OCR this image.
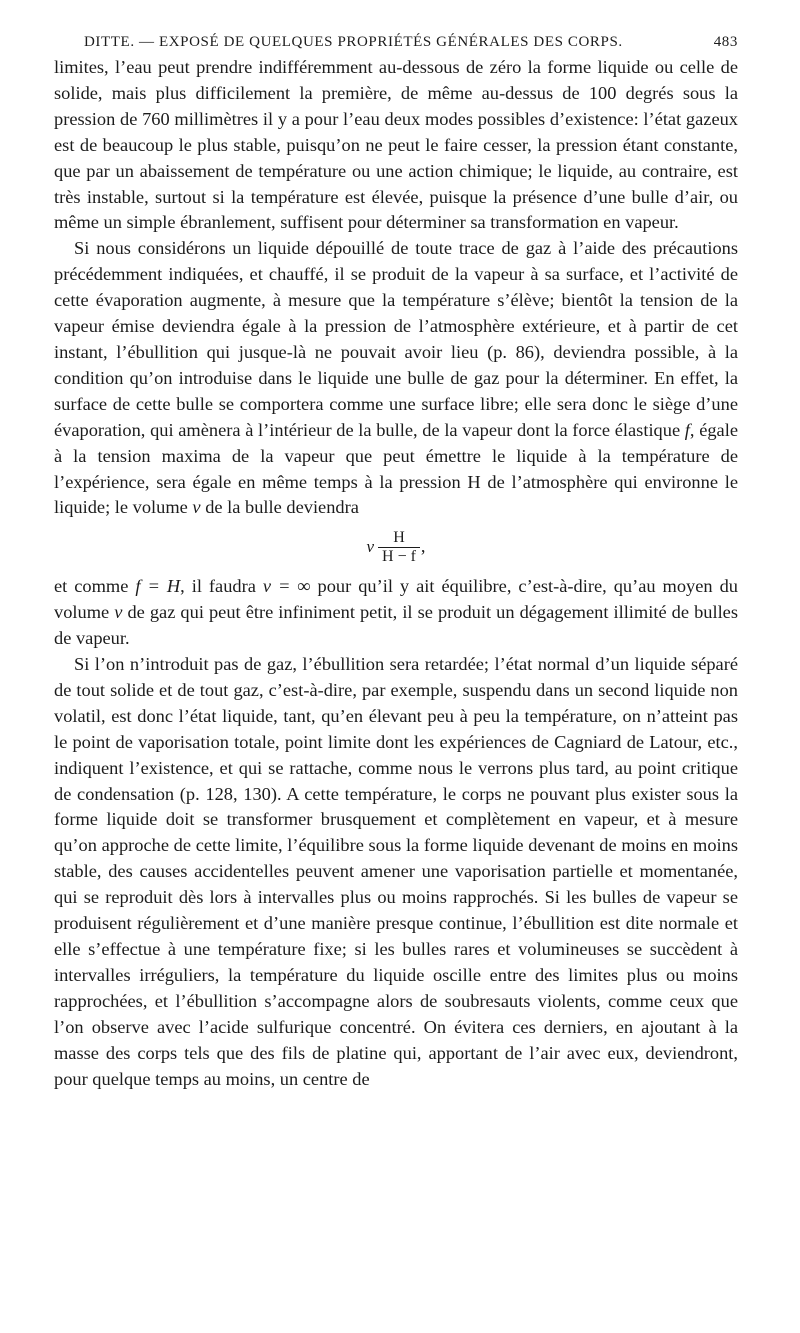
DITTE. — EXPOSÉ DE QUELQUES PROPRIÉTÉS GÉNÉRALES DES CORPS.	483

limites, l’eau peut prendre indifféremment au-dessous de zéro la forme liquide ou celle de solide, mais plus difficilement la première, de même au-dessus de 100 degrés sous la pression de 760 millimètres il y a pour l’eau deux modes possibles d’existence: l’état gazeux est de beaucoup le plus stable, puisqu’on ne peut le faire cesser, la pression étant constante, que par un abaissement de température ou une action chimique; le liquide, au contraire, est très instable, surtout si la température est élevée, puisque la présence d’une bulle d’air, ou même un simple ébranlement, suffisent pour déterminer sa transformation en vapeur.

Si nous considérons un liquide dépouillé de toute trace de gaz à l’aide des précautions précédemment indiquées, et chauffé, il se produit de la vapeur à sa surface, et l’activité de cette évaporation augmente, à mesure que la température s’élève; bientôt la tension de la vapeur émise deviendra égale à la pression de l’atmosphère extérieure, et à partir de cet instant, l’ébullition qui jusque-là ne pouvait avoir lieu (p. 86), deviendra possible, à la condition qu’on introduise dans le liquide une bulle de gaz pour la déterminer. En effet, la surface de cette bulle se comportera comme une surface libre; elle sera donc le siège d’une évaporation, qui amènera à l’intérieur de la bulle, de la vapeur dont la force élastique f, égale à la tension maxima de la vapeur que peut émettre le liquide à la température de l’expérience, sera égale en même temps à la pression H de l’atmosphère qui environne le liquide; le volume v de la bulle deviendra

v $\frac{H}{H - f}$ ,

et comme f = H, il faudra v = ∞ pour qu’il y ait équilibre, c’est-à-dire, qu’au moyen du volume v de gaz qui peut être infiniment petit, il se produit un dégagement illimité de bulles de vapeur.

Si l’on n’introduit pas de gaz, l’ébullition sera retardée; l’état normal d’un liquide séparé de tout solide et de tout gaz, c’est-à-dire, par exemple, suspendu dans un second liquide non volatil, est donc l’état liquide, tant, qu’en élevant peu à peu la température, on n’atteint pas le point de vaporisation totale, point limite dont les expériences de Cagniard de Latour, etc., indiquent l’existence, et qui se rattache, comme nous le verrons plus tard, au point critique de condensation (p. 128, 130). A cette température, le corps ne pouvant plus exister sous la forme liquide doit se transformer brusquement et complètement en vapeur, et à mesure qu’on approche de cette limite, l’équilibre sous la forme liquide devenant de moins en moins stable, des causes accidentelles peuvent amener une vaporisation partielle et momentanée, qui se reproduit dès lors à intervalles plus ou moins rapprochés. Si les bulles de vapeur se produisent régulièrement et d’une manière presque continue, l’ébullition est dite normale et elle s’effectue à une température fixe; si les bulles rares et volumineuses se succèdent à intervalles irréguliers, la température du liquide oscille entre des limites plus ou moins rapprochées, et l’ébullition s’accompagne alors de soubresauts violents, comme ceux que l’on observe avec l’acide sulfurique concentré. On évitera ces derniers, en ajoutant à la masse des corps tels que des fils de platine qui, apportant de l’air avec eux, deviendront, pour quelque temps au moins, un centre de
